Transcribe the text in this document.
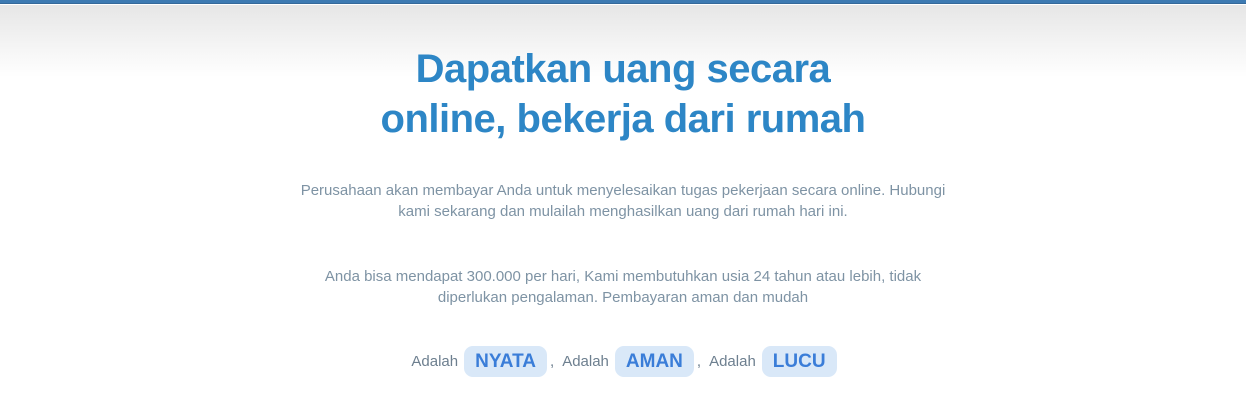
Dapatkan uang secara
online, bekerja dari rumah

Perusahaan akan membayar Anda untuk menyelesaikan tugas pekerjaan secara online. Hubungi kami sekarang dan mulailah menghasilkan uang dari rumah hari ini.

Anda bisa mendapat 300.000 per hari, Kami membutuhkan usia 24 tahun atau lebih, tidak diperlukan pengalaman. Pembayaran aman dan mudah

Adalah NYATA , Adalah AMAN , Adalah LUCU
